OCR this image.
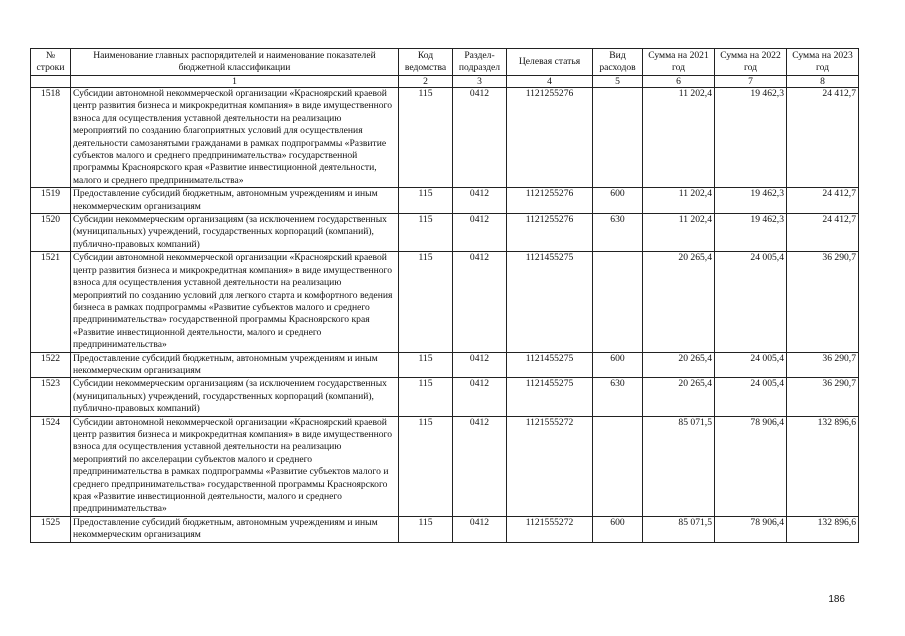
№ строки	Наименование главных распорядителей и наименование показателей бюджетной классификации	Код ведомства	Раздел-подраздел	Целевая статья	Вид расходов	Сумма на 2021 год	Сумма на 2022 год	Сумма на 2023 год
	1	2	3	4	5	6	7	8
1518	Субсидии автономной некоммерческой организации «Красноярский краевой центр развития бизнеса и микрокредитная компания» в виде имущественного взноса для осуществления уставной деятельности на реализацию мероприятий по созданию благоприятных условий для осуществления деятельности самозанятыми гражданами в рамках подпрограммы «Развитие субъектов малого и среднего предпринимательства» государственной программы Красноярского края «Развитие инвестиционной деятельности, малого и среднего предпринимательства»	115	0412	1121255276		11 202,4	19 462,3	24 412,7
1519	Предоставление субсидий бюджетным, автономным учреждениям и иным некоммерческим организациям	115	0412	1121255276	600	11 202,4	19 462,3	24 412,7
1520	Субсидии некоммерческим организациям (за исключением государственных (муниципальных) учреждений, государственных корпораций (компаний), публично-правовых компаний)	115	0412	1121255276	630	11 202,4	19 462,3	24 412,7
1521	Субсидии автономной некоммерческой организации «Красноярский краевой центр развития бизнеса и микрокредитная компания» в виде имущественного взноса для осуществления уставной деятельности на реализацию мероприятий по созданию условий для легкого старта и комфортного ведения бизнеса в рамках подпрограммы «Развитие субъектов малого и среднего предпринимательства» государственной программы Красноярского края «Развитие инвестиционной деятельности, малого и среднего предпринимательства»	115	0412	1121455275		20 265,4	24 005,4	36 290,7
1522	Предоставление субсидий бюджетным, автономным учреждениям и иным некоммерческим организациям	115	0412	1121455275	600	20 265,4	24 005,4	36 290,7
1523	Субсидии некоммерческим организациям (за исключением государственных (муниципальных) учреждений, государственных корпораций (компаний), публично-правовых компаний)	115	0412	1121455275	630	20 265,4	24 005,4	36 290,7
1524	Субсидии автономной некоммерческой организации «Красноярский краевой центр развития бизнеса и микрокредитная компания» в виде имущественного взноса для осуществления уставной деятельности на реализацию мероприятий по акселерации субъектов малого и среднего предпринимательства в рамках подпрограммы «Развитие субъектов малого и среднего предпринимательства» государственной программы Красноярского края «Развитие инвестиционной деятельности, малого и среднего предпринимательства»	115	0412	1121555272		85 071,5	78 906,4	132 896,6
1525	Предоставление субсидий бюджетным, автономным учреждениям и иным некоммерческим организациям	115	0412	1121555272	600	85 071,5	78 906,4	132 896,6
186
